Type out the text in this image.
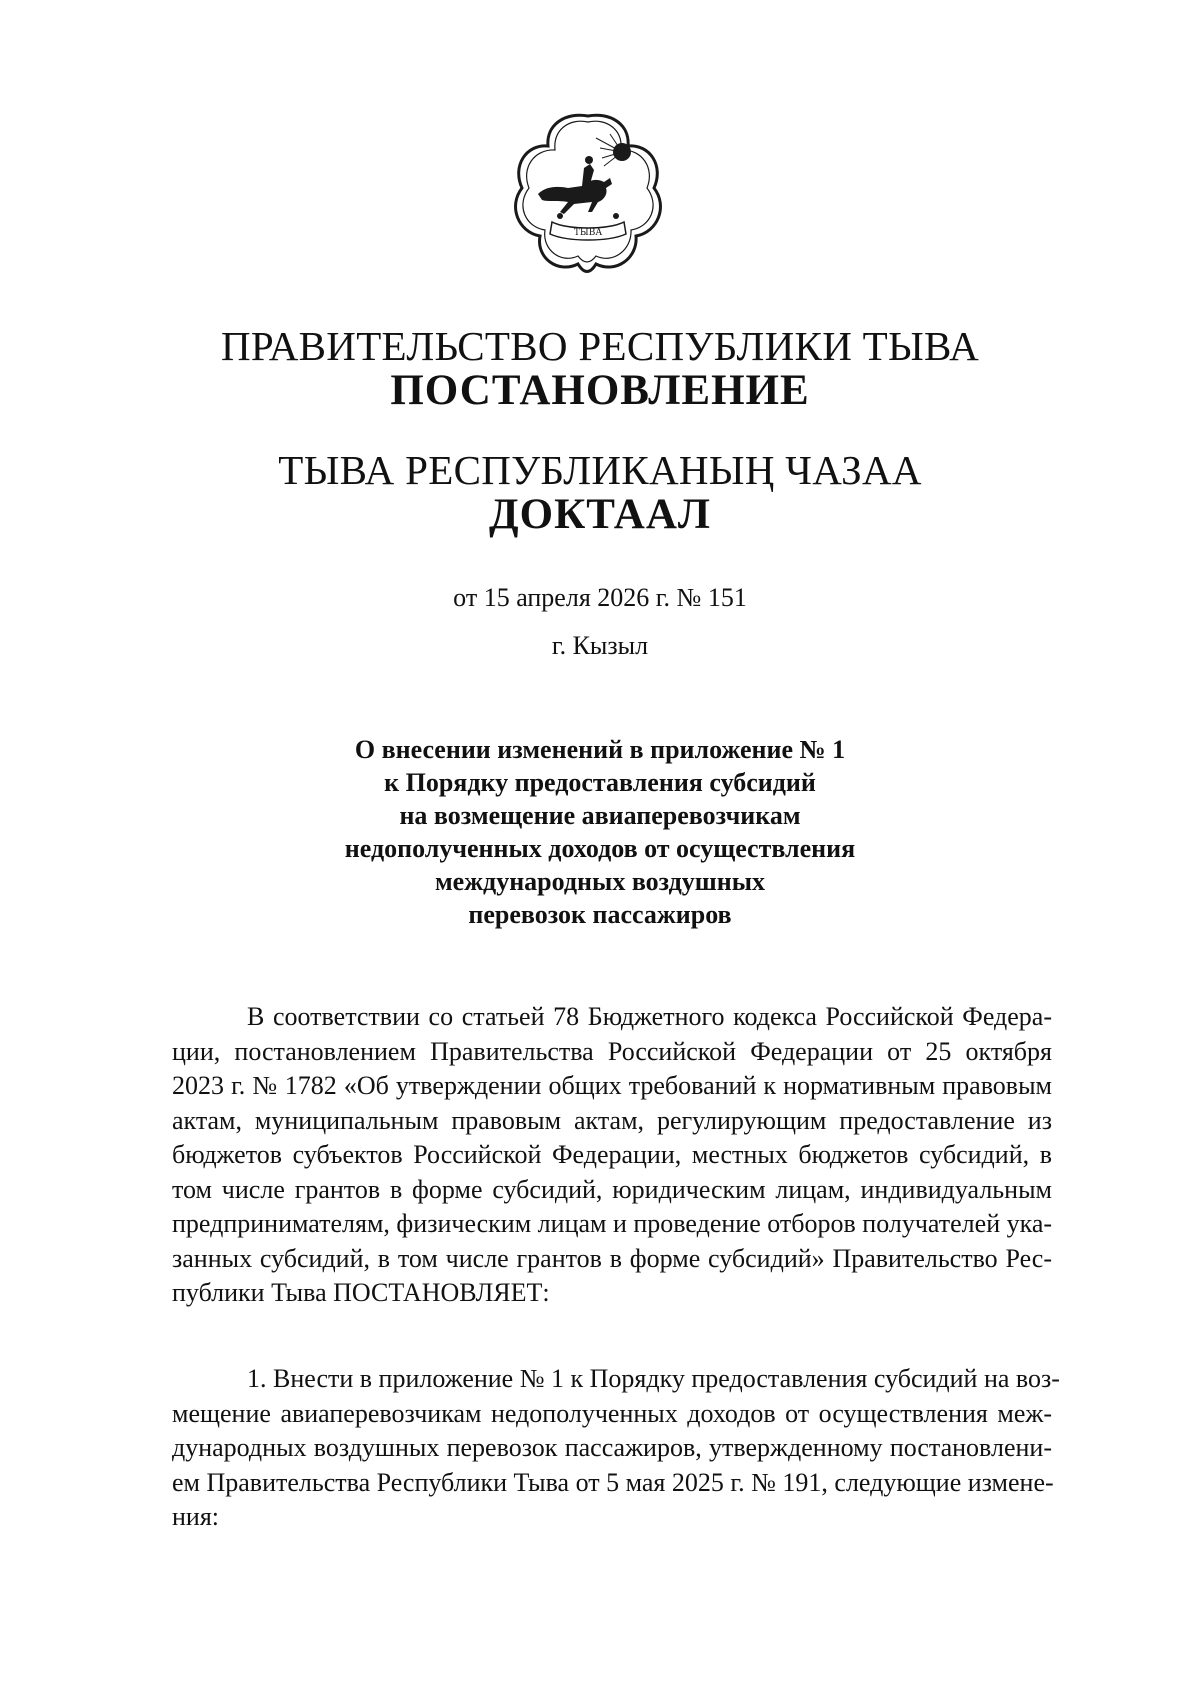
ТЫВА
ПРАВИТЕЛЬСТВО РЕСПУБЛИКИ ТЫВА
ПОСТАНОВЛЕНИЕ
ТЫВА РЕСПУБЛИКАНЫҢ ЧАЗАА
ДОКТААЛ
от 15 апреля 2026 г. № 151
г. Кызыл
О внесении изменений в приложение № 1
к Порядку предоставления субсидий
на возмещение авиаперевозчикам
недополученных доходов от осуществления
международных воздушных
перевозок пассажиров
В соответствии со статьей 78 Бюджетного кодекса Российской Федера-
ции, постановлением Правительства Российской Федерации от 25 октября
2023 г. № 1782 «Об утверждении общих требований к нормативным правовым
актам, муниципальным правовым актам, регулирующим предоставление из
бюджетов субъектов Российской Федерации, местных бюджетов субсидий, в
том числе грантов в форме субсидий, юридическим лицам, индивидуальным
предпринимателям, физическим лицам и проведение отборов получателей ука-
занных субсидий, в том числе грантов в форме субсидий» Правительство Рес-
публики Тыва ПОСТАНОВЛЯЕТ:
1. Внести в приложение № 1 к Порядку предоставления субсидий на воз-
мещение авиаперевозчикам недополученных доходов от осуществления меж-
дународных воздушных перевозок пассажиров, утвержденному постановлени-
ем Правительства Республики Тыва от 5 мая 2025 г. № 191, следующие измене-
ния:
